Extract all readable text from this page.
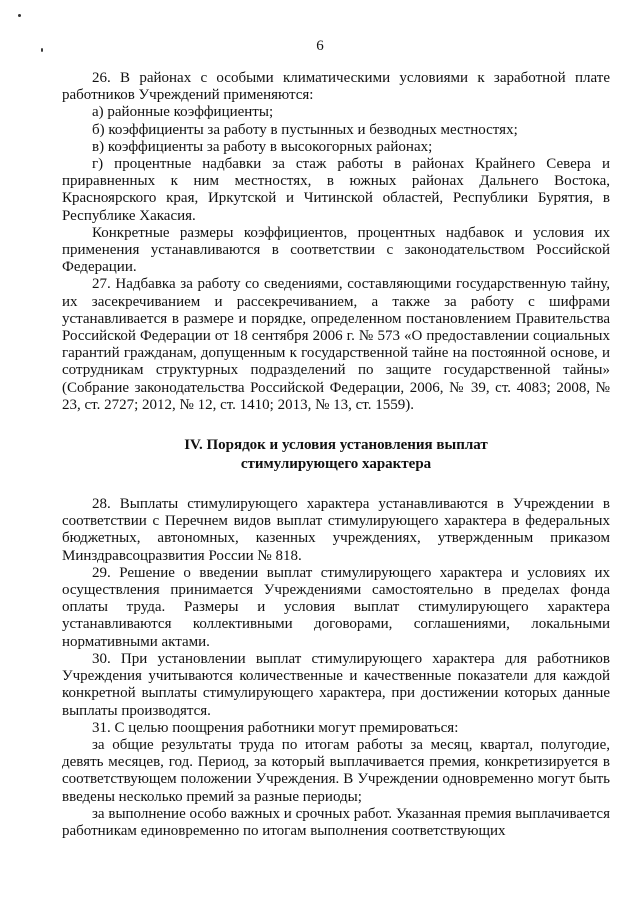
6

26. В районах с особыми климатическими условиями к заработной плате работников Учреждений применяются:

а) районные коэффициенты;

б) коэффициенты за работу в пустынных и безводных местностях;

в) коэффициенты за работу в высокогорных районах;

г) процентные надбавки за стаж работы в районах Крайнего Севера и приравненных к ним местностях, в южных районах Дальнего Востока, Красноярского края, Иркутской и Читинской областей, Республики Бурятия, в Республике Хакасия.

Конкретные размеры коэффициентов, процентных надбавок и условия их применения устанавливаются в соответствии с законодательством Российской Федерации.

27. Надбавка за работу со сведениями, составляющими государственную тайну, их засекречиванием и рассекречиванием, а также за работу с шифрами устанавливается в размере и порядке, определенном постановлением Правительства Российской Федерации от 18 сентября 2006 г. № 573 «О предоставлении социальных гарантий гражданам, допущенным к государственной тайне на постоянной основе, и сотрудникам структурных подразделений по защите государственной тайны» (Собрание законодательства Российской Федерации, 2006, № 39, ст. 4083; 2008, № 23, ст. 2727; 2012, № 12, ст. 1410; 2013, № 13, ст. 1559).

IV. Порядок и условия установления выплат
стимулирующего характера

28. Выплаты стимулирующего характера устанавливаются в Учреждении в соответствии с Перечнем видов выплат стимулирующего характера в федеральных бюджетных, автономных, казенных учреждениях, утвержденным приказом Минздравсоцразвития России № 818.

29. Решение о введении выплат стимулирующего характера и условиях их осуществления принимается Учреждениями самостоятельно в пределах фонда оплаты труда. Размеры и условия выплат стимулирующего характера устанавливаются коллективными договорами, соглашениями, локальными нормативными актами.

30. При установлении выплат стимулирующего характера для работников Учреждения учитываются количественные и качественные показатели для каждой конкретной выплаты стимулирующего характера, при достижении которых данные выплаты производятся.

31. С целью поощрения работники могут премироваться:

за общие результаты труда по итогам работы за месяц, квартал, полугодие, девять месяцев, год. Период, за который выплачивается премия, конкретизируется в соответствующем положении Учреждения. В Учреждении одновременно могут быть введены несколько премий за разные периоды;

за выполнение особо важных и срочных работ. Указанная премия выплачивается работникам единовременно по итогам выполнения соответствующих
